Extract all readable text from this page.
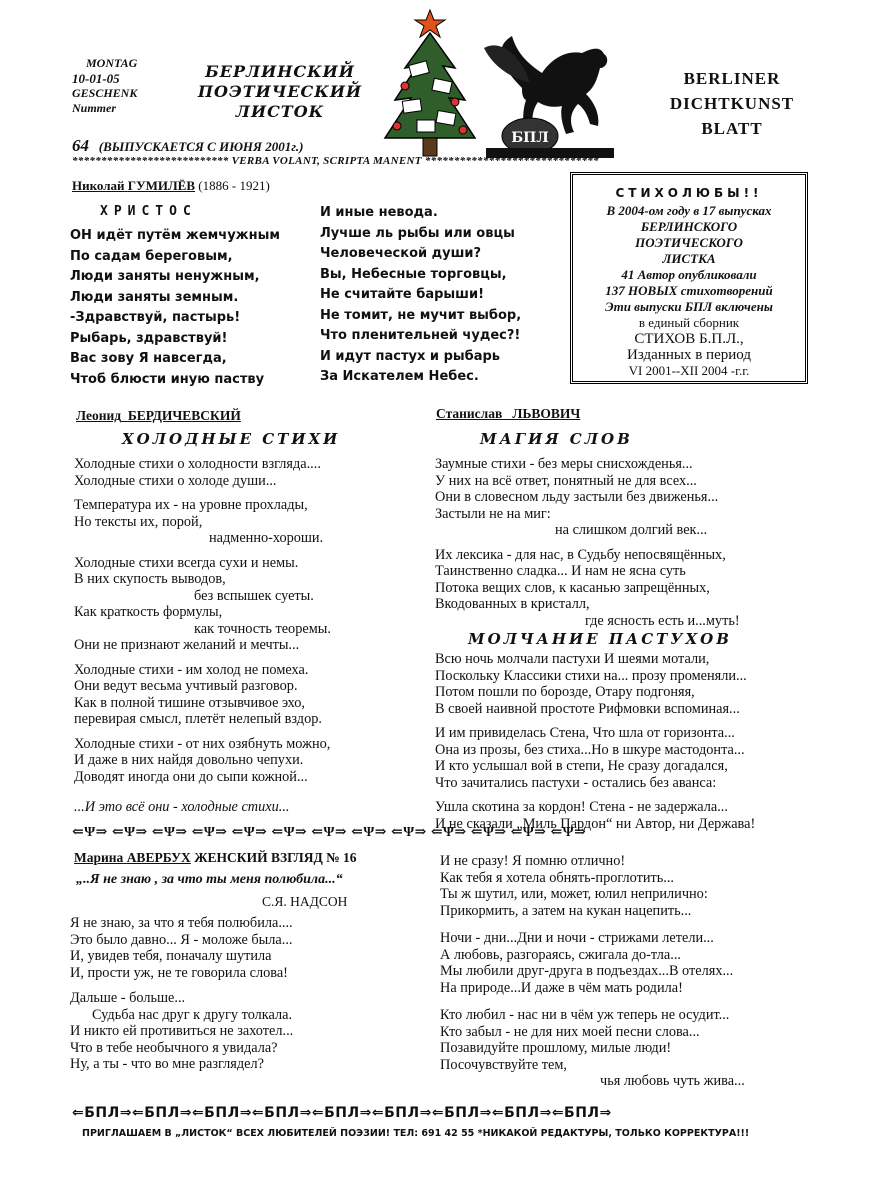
MONTAG
10-01-05
GESCHENK
Nummer
БЕРЛИНСКИЙ
ПОЭТИЧЕСКИЙ
ЛИСТОК
БПЛ
BERLINER
DICHTKUNST
BLATT
64 (ВЫПУСКАЕТСЯ С ИЮНЯ 2001г.)
*************************** VERBA VOLANT, SCRIPTA MANENT ******************************
Николай ГУМИЛЁВ (1886 - 1921)
ХРИСТОС
ОН идёт путём жемчужным
По садам береговым,
Люди заняты ненужным,
Люди заняты земным.
-Здравствуй, пастырь!
Рыбарь, здравствуй!
Вас зову Я навсегда,
Чтоб блюсти иную паству
И иные невода.
Лучше ль рыбы или овцы
Человеческой души?
Вы, Небесные торговцы,
Не считайте барыши!
Не томит, не мучит выбор,
Что пленительней чудес?!
И идут пастух и рыбарь
За Искателем Небес.
СТИХОЛЮБЫ!!
В 2004-ом году в 17 выпусках
БЕРЛИНСКОГО
ПОЭТИЧЕСКОГО
ЛИСТКА
41 Автор опубликовали
137 НОВЫХ стихотворений
Эти выпуски БПЛ включены
в единый сборник
СТИХОВ Б.П.Л.,
Изданных в период
VI 2001--XII 2004 -г.г.
Леонид БЕРДИЧЕВСКИЙ
ХОЛОДНЫЕ СТИХИ
Холодные стихи о холодности взгляда....
Холодные стихи о холоде души...
Температура их - на уровне прохлады,
Но тексты их, порой,
надменно-хороши.
Холодные стихи всегда сухи и немы.
В них скупость выводов,
без вспышек суеты.
Как краткость формулы,
как точность теоремы.
Они не признают желаний и мечты...
Холодные стихи - им холод не помеха.
Они ведут весьма учтивый разговор.
Как в полной тишине отзывчивое эхо,
перевирая смысл, плетёт нелепый вздор.
Холодные стихи - от них озябнуть можно,
И даже в них найдя довольно чепухи.
Доводят иногда они до сыпи кожной...
...И это всё они - холодные стихи...
Станислав ЛЬВОВИЧ
МАГИЯ СЛОВ
Заумные стихи - без меры снисхожденья...
У них на всё ответ, понятный не для всех...
Они в словесном льду застыли без движенья...
Застыли не на миг:
на слишком долгий век...
Их лексика - для нас, в Судьбу непосвящённых,
Таинственно сладка... И нам не ясна суть
Потока вещих слов, к касанью запрещённых,
Вкодованных в кристалл,
где ясность есть и...муть!
МОЛЧАНИЕ ПАСТУХОВ
Всю ночь молчали пастухи И шеями мотали,
Поскольку Классики стихи на... прозу променяли...
Потом пошли по борозде, Отару подгоняя,
В своей наивной простоте Рифмовки вспоминая...
И им привиделась Стена, Что шла от горизонта...
Она из прозы, без стиха...Но в шкуре мастодонта...
И кто услышал вой в степи, Не сразу догадался,
Что зачитались пастухи - остались без аванса:
Ушла скотина за кордон! Стена - не задержала...
И не сказали „Миль Пардон“ ни Автор, ни Держава!
⇐Ψ⇒ ⇐Ψ⇒ ⇐Ψ⇒ ⇐Ψ⇒ ⇐Ψ⇒ ⇐Ψ⇒ ⇐Ψ⇒ ⇐Ψ⇒ ⇐Ψ⇒ ⇐Ψ⇒ ⇐Ψ⇒ ⇐Ψ⇒ ⇐Ψ⇒
Марина АВЕРБУХ ЖЕНСКИЙ ВЗГЛЯД № 16
„..Я не знаю , за что ты меня полюбила...“
С.Я. НАДСОН
Я не знаю, за что я тебя полюбила....
Это было давно... Я - моложе была...
И, увидев тебя, поначалу шутила
И, прости уж, не те говорила слова!
Дальше - больше...
Судьба нас друг к другу толкала.
И никто ей противиться не захотел...
Что в тебе необычного я увидала?
Ну, а ты - что во мне разглядел?
И не сразу! Я помню отлично!
Как тебя я хотела обнять-проглотить...
Ты ж шутил, или, может, юлил неприлично:
Прикормить, а затем на кукан нацепить...
Ночи - дни...Дни и ночи - стрижами летели...
А любовь, разгораясь, сжигала до-тла...
Мы любили друг-друга в подъездах...В отелях...
На природе...И даже в чём мать родила!
Кто любил - нас ни в чём уж теперь не осудит...
Кто забыл - не для них моей песни слова...
Позавидуйте прошлому, милые люди!
Посочувствуйте тем,
чья любовь чуть жива...
⇐БПЛ⇒⇐БПЛ⇒⇐БПЛ⇒⇐БПЛ⇒⇐БПЛ⇒⇐БПЛ⇒⇐БПЛ⇒⇐БПЛ⇒⇐БПЛ⇒
ПРИГЛАШАЕМ В „ЛИСТОК“ ВСЕХ ЛЮБИТЕЛЕЙ ПОЭЗИИ! ТЕЛ: 691 42 55 *НИКАКОЙ РЕДАКТУРЫ, ТОЛЬКО КОРРЕКТУРА!!!
